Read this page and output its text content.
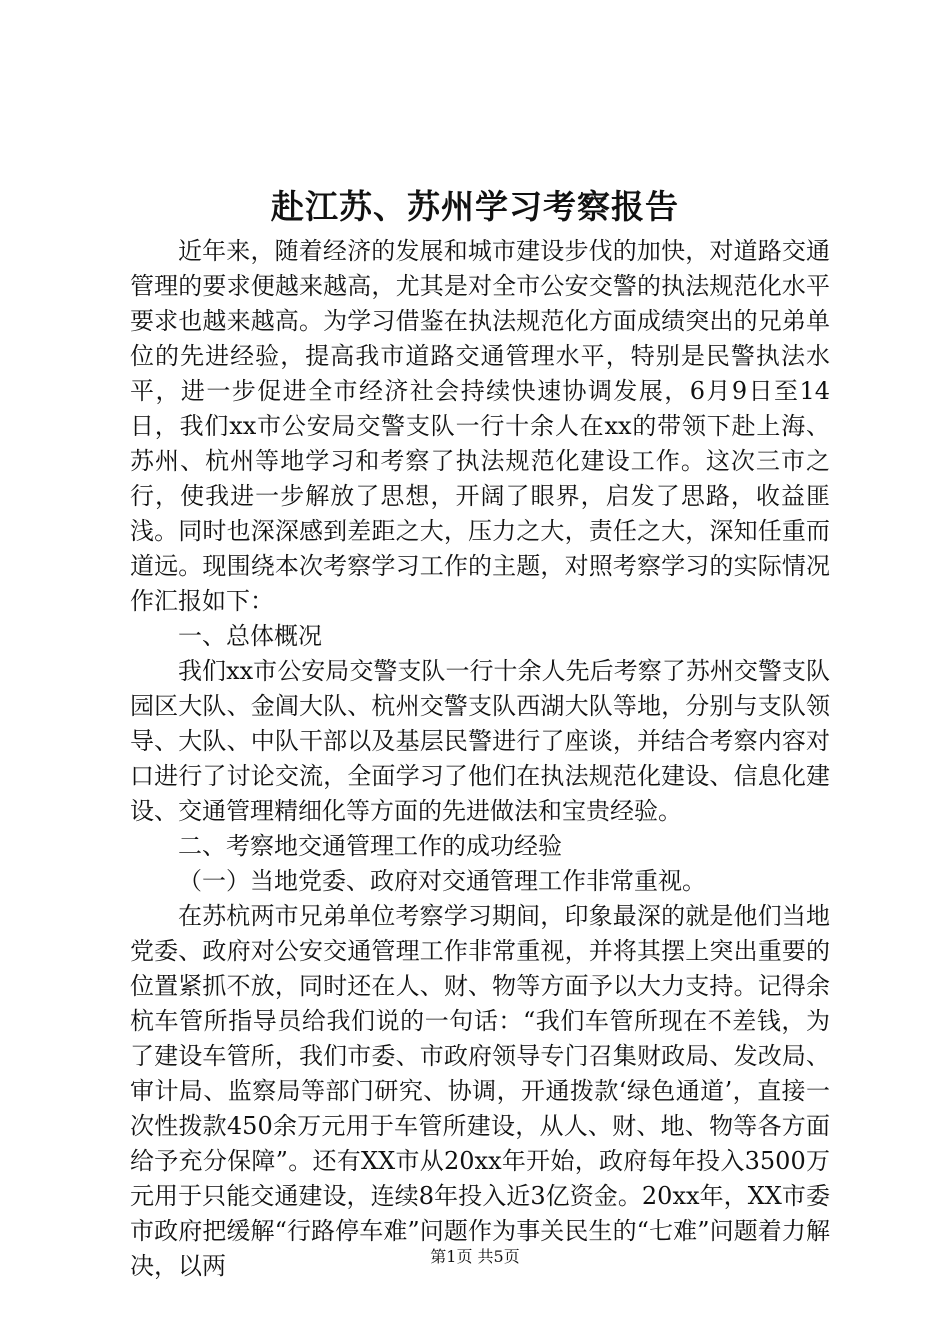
赴江苏、苏州学习考察报告

近年来，随着经济的发展和城市建设步伐的加快，对道路交通管理的要求便越来越高，尤其是对全市公安交警的执法规范化水平要求也越来越高。为学习借鉴在执法规范化方面成绩突出的兄弟单位的先进经验，提高我市道路交通管理水平，特别是民警执法水平，进一步促进全市经济社会持续快速协调发展，6月9日至14日，我们xx市公安局交警支队一行十余人在xx的带领下赴上海、苏州、杭州等地学习和考察了执法规范化建设工作。这次三市之行，使我进一步解放了思想，开阔了眼界，启发了思路，收益匪浅。同时也深深感到差距之大，压力之大，责任之大，深知任重而道远。现围绕本次考察学习工作的主题，对照考察学习的实际情况作汇报如下：

一、总体概况

我们xx市公安局交警支队一行十余人先后考察了苏州交警支队园区大队、金阊大队、杭州交警支队西湖大队等地，分别与支队领导、大队、中队干部以及基层民警进行了座谈，并结合考察内容对口进行了讨论交流，全面学习了他们在执法规范化建设、信息化建设、交通管理精细化等方面的先进做法和宝贵经验。

二、考察地交通管理工作的成功经验

（一）当地党委、政府对交通管理工作非常重视。

在苏杭两市兄弟单位考察学习期间，印象最深的就是他们当地党委、政府对公安交通管理工作非常重视，并将其摆上突出重要的位置紧抓不放，同时还在人、财、物等方面予以大力支持。记得余杭车管所指导员给我们说的一句话：“我们车管所现在不差钱，为了建设车管所，我们市委、市政府领导专门召集财政局、发改局、审计局、监察局等部门研究、协调，开通拨款‘绿色通道’，直接一次性拨款450余万元用于车管所建设，从人、财、地、物等各方面给予充分保障”。还有XX市从20xx年开始，政府每年投入3500万元用于只能交通建设，连续8年投入近3亿资金。20xx年，XX市委市政府把缓解“行路停车难”问题作为事关民生的“七难”问题着力解决，以两	第1页 共5页
